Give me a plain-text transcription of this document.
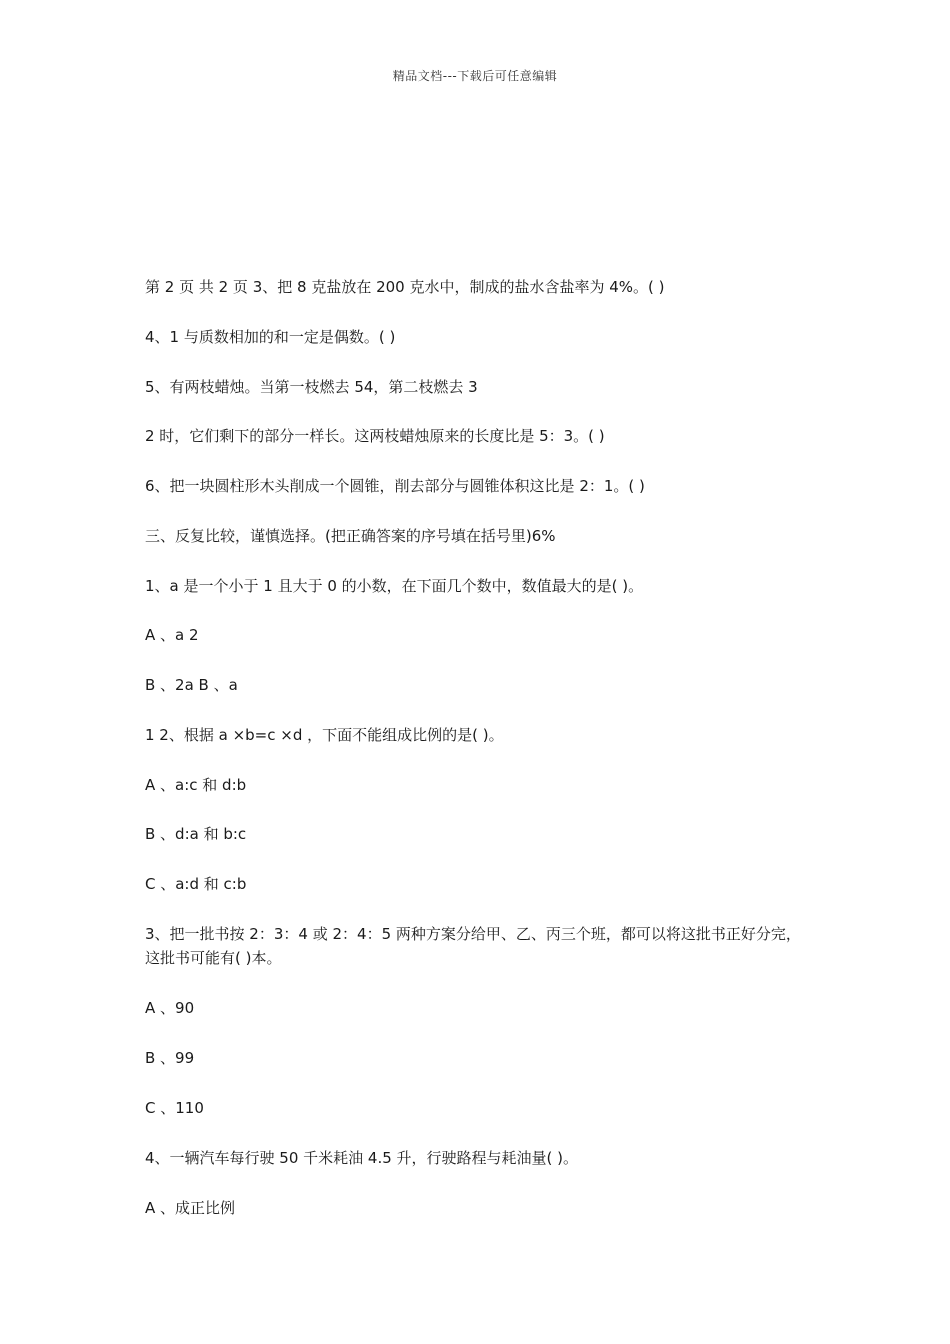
精品文档---下载后可任意编辑
第 2 页 共 2 页 3、把 8 克盐放在 200 克水中，制成的盐水含盐率为 4%。( )
4、1 与质数相加的和一定是偶数。( )
5、有两枝蜡烛。当第一枝燃去 54，第二枝燃去 3
2 时，它们剩下的部分一样长。这两枝蜡烛原来的长度比是 5：3。( )
6、把一块圆柱形木头削成一个圆锥，削去部分与圆锥体积这比是 2：1。( )
三、反复比较，谨慎选择。(把正确答案的序号填在括号里)6%
1、a 是一个小于 1 且大于 0 的小数，在下面几个数中，数值最大的是( )。
A 、a 2
B 、2a B 、a
1 2、根据 a ×b=c ×d ，下面不能组成比例的是( )。
A 、a:c 和 d:b
B 、d:a 和 b:c
C 、a:d 和 c:b
3、把一批书按 2：3：4 或 2：4：5 两种方案分给甲、乙、丙三个班，都可以将这批书正好分完，这批书可能有( )本。
A 、90
B 、99
C 、110
4、一辆汽车每行驶 50 千米耗油 4.5 升，行驶路程与耗油量( )。
A 、成正比例
